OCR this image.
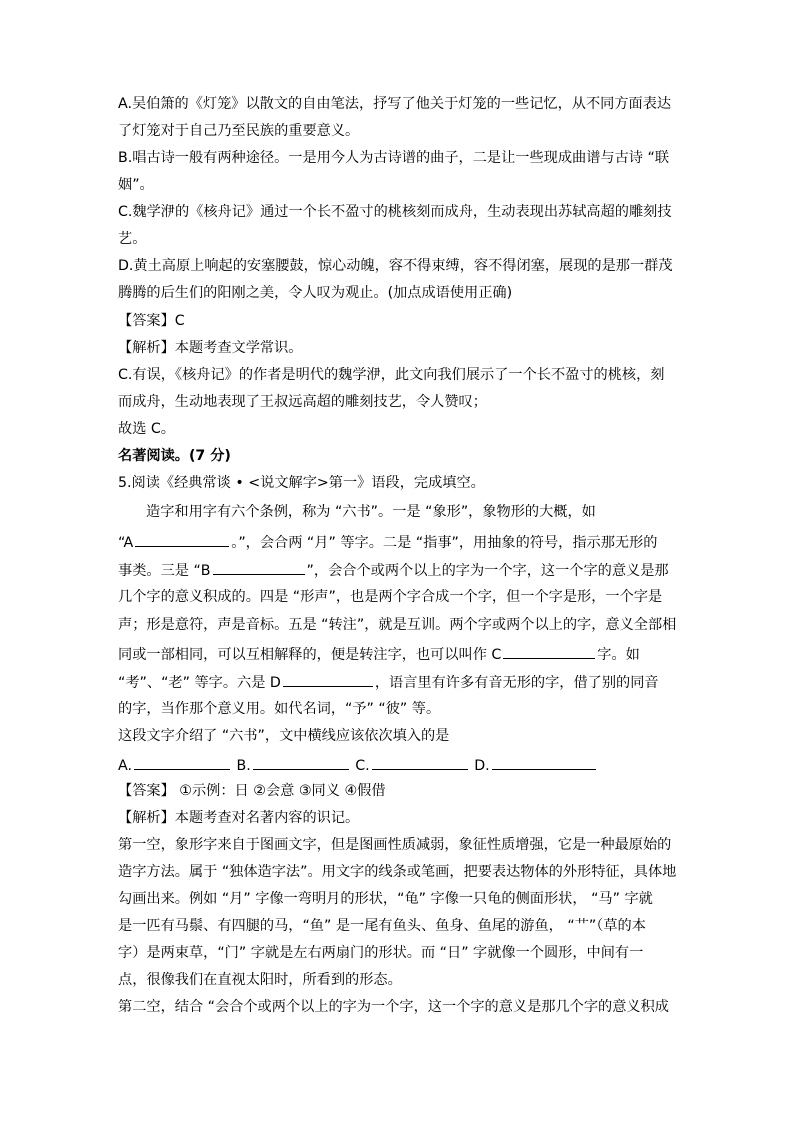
A.吴伯箫的《灯笼》以散文的自由笔法，抒写了他关于灯笼的一些记忆，从不同方面表达
了灯笼对于自己乃至民族的重要意义。
B.唱古诗一般有两种途径。一是用今人为古诗谱的曲子，二是让一些现成曲谱与古诗 “联
姻”。
C.魏学洢的《核舟记》通过一个长不盈寸的桃核刻而成舟，生动表现出苏轼高超的雕刻技
艺。
D.黄土高原上响起的安塞腰鼓，惊心动魄，容不得束缚，容不得闭塞，展现的是那一群茂
腾腾的后生们的阳刚之美，令人叹为观止。(加点成语使用正确)
【答案】C
【解析】本题考查文学常识。
C.有误，《核舟记》的作者是明代的魏学洢，此文向我们展示了一个长不盈寸的桃核，刻
而成舟，生动地表现了王叔远高超的雕刻技艺，令人赞叹；
故选 C。
名著阅读。(7 分)
5.阅读《经典常谈 • <说文解字>第一》语段，完成填空。
造字和用字有六个条例，称为 “六书”。一是 “象形”，象物形的大概，如
“A	。”，会合两 “月” 等字。二是 “指事”，用抽象的符号，指示那无形的
事类。三是 “B	”，会合个或两个以上的字为一个字，这一个字的意义是那
几个字的意义积成的。四是 “形声”，也是两个字合成一个字，但一个字是形，一个字是
声；形是意符，声是音标。五是 “转注”，就是互训。两个字或两个以上的字，意义全部相
同或一部相同，可以互相解释的，便是转注字，也可以叫作 C	字。如
“考”、“老” 等字。六是 D	，语言里有许多有音无形的字，借了别的同音
的字，当作那个意义用。如代名词，“予” “彼” 等。
这段文字介绍了 “六书”，文中横线应该依次填入的是
A.	B.	C.	D.
【答案】 ①示例：日 ②会意 ③同义 ④假借
【解析】本题考查对名著内容的识记。
第一空，象形字来自于图画文字，但是图画性质减弱，象征性质增强，它是一种最原始的
造字方法。属于 “独体造字法”。用文字的线条或笔画，把要表达物体的外形特征，具体地
勾画出来。例如 “月” 字像一弯明月的形状，“龟” 字像一只龟的侧面形状， “马” 字就
是一匹有马鬃、有四腿的马，“鱼” 是一尾有鱼头、鱼身、鱼尾的游鱼， “艹”（草的本
字）是两束草，“门” 字就是左右两扇门的形状。而 “日” 字就像一个圆形，中间有一
点，很像我们在直视太阳时，所看到的形态。
第二空，结合 “会合个或两个以上的字为一个字，这一个字的意义是那几个字的意义积成
